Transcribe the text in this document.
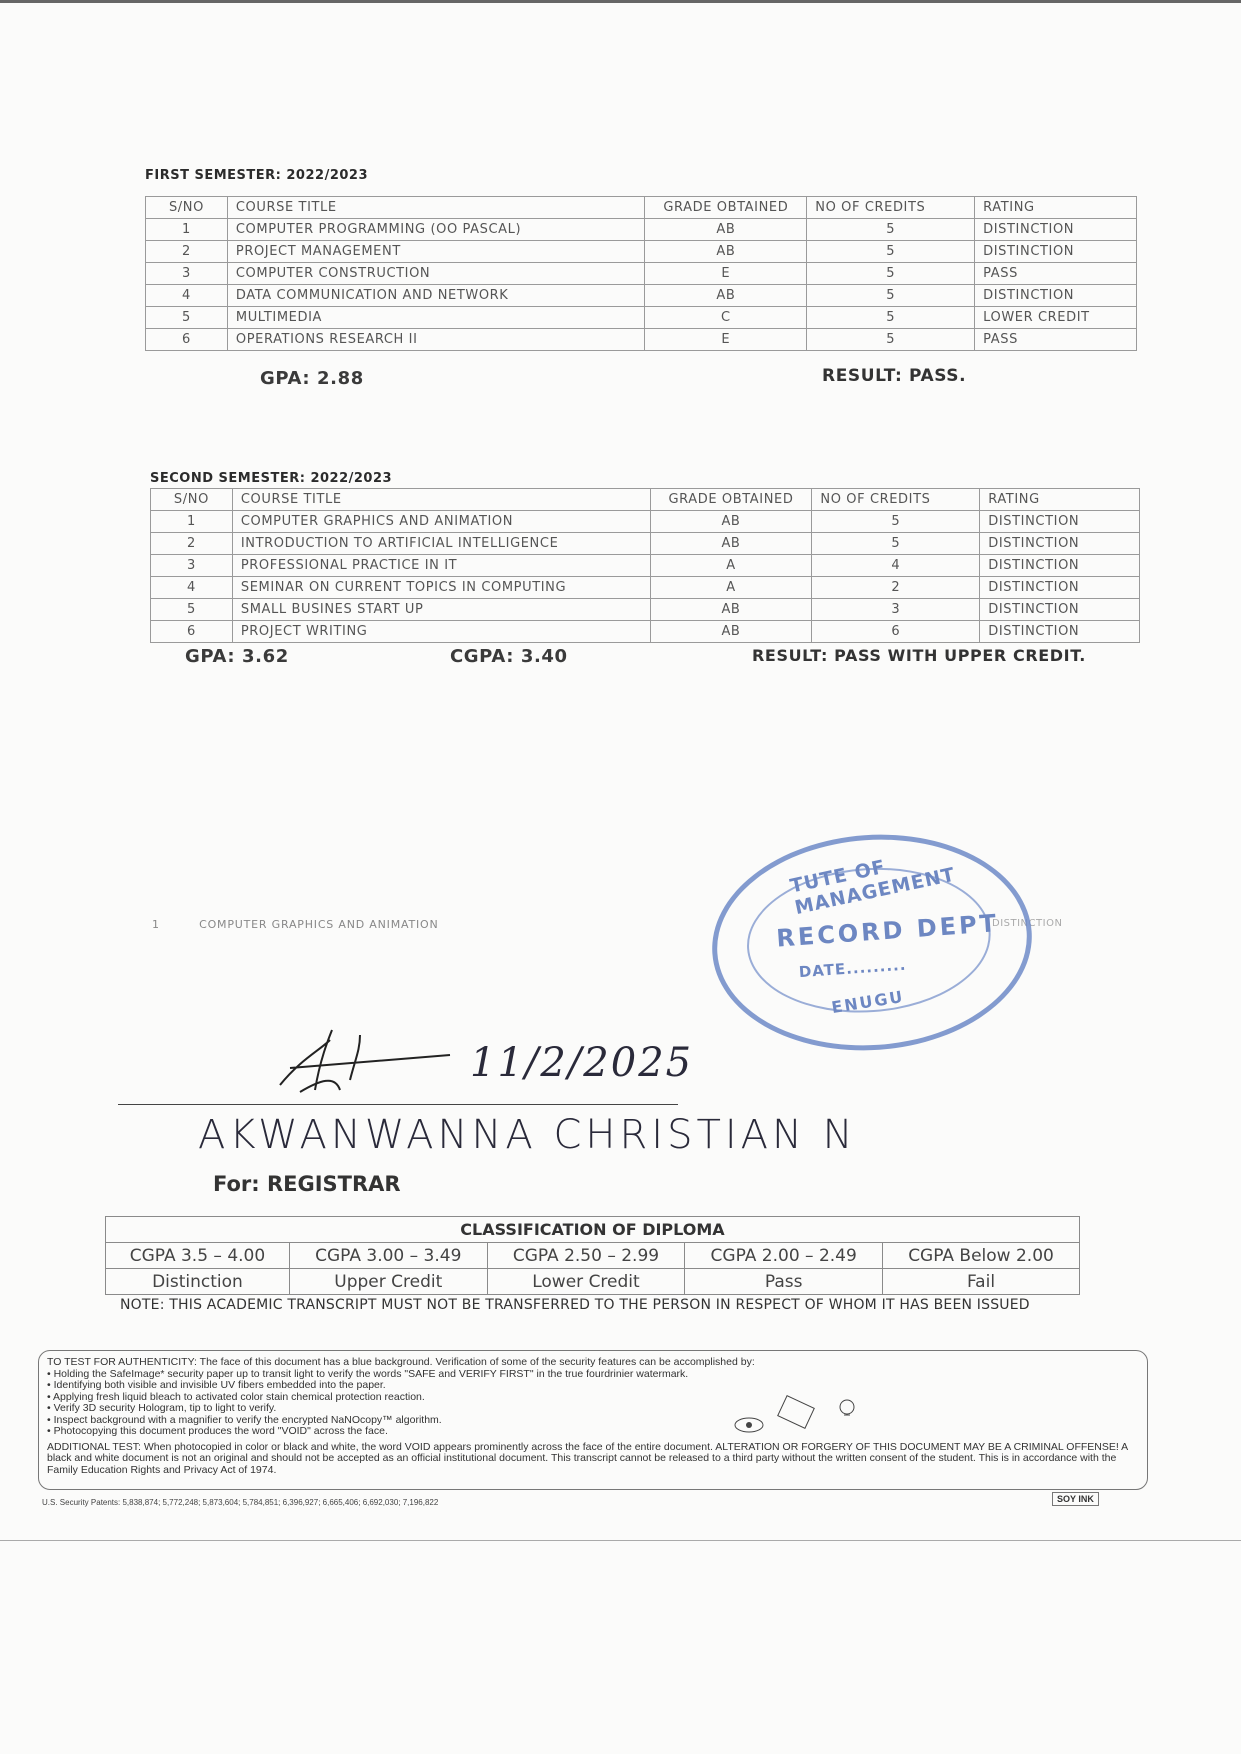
FIRST SEMESTER: 2022/2023
S/NO	COURSE TITLE	GRADE OBTAINED	NO OF CREDITS	RATING
1	COMPUTER PROGRAMMING (OO PASCAL)	AB	5	DISTINCTION
2	PROJECT MANAGEMENT	AB	5	DISTINCTION
3	COMPUTER CONSTRUCTION	E	5	PASS
4	DATA COMMUNICATION AND NETWORK	AB	5	DISTINCTION
5	MULTIMEDIA	C	5	LOWER CREDIT
6	OPERATIONS RESEARCH II	E	5	PASS
GPA: 2.88	RESULT: PASS.
SECOND SEMESTER: 2022/2023
S/NO	COURSE TITLE	GRADE OBTAINED	NO OF CREDITS	RATING
1	COMPUTER GRAPHICS AND ANIMATION	AB	5	DISTINCTION
2	INTRODUCTION TO ARTIFICIAL INTELLIGENCE	AB	5	DISTINCTION
3	PROFESSIONAL PRACTICE IN IT	A	4	DISTINCTION
4	SEMINAR ON CURRENT TOPICS IN COMPUTING	A	2	DISTINCTION
5	SMALL BUSINES START UP	AB	3	DISTINCTION
6	PROJECT WRITING	AB	6	DISTINCTION
GPA: 3.62	CGPA: 3.40	RESULT: PASS WITH UPPER CREDIT.
1	COMPUTER GRAPHICS AND ANIMATION	DISTINCTION
TUTE OF MANAGEMENT
RECORD DEPT
DATE.........
ENUGU
11/2/2025
AKWANWANNA CHRISTIAN N
For: REGISTRAR
CLASSIFICATION OF DIPLOMA				
CGPA 3.5 – 4.00	CGPA 3.00 – 3.49	CGPA 2.50 – 2.99	CGPA 2.00 – 2.49	CGPA Below 2.00
Distinction	Upper Credit	Lower Credit	Pass	Fail
NOTE: THIS ACADEMIC TRANSCRIPT MUST NOT BE TRANSFERRED TO THE PERSON IN RESPECT OF WHOM IT HAS BEEN ISSUED

TO TEST FOR AUTHENTICITY: The face of this document has a blue background. Verification of some of the security features can be accomplished by:

• Holding the SafeImage* security paper up to transit light to verify the words "SAFE and VERIFY FIRST" in the true fourdrinier watermark.

• Identifying both visible and invisible UV fibers embedded into the paper.

• Applying fresh liquid bleach to activated color stain chemical protection reaction.

• Verify 3D security Hologram, tip to light to verify.

• Inspect background with a magnifier to verify the encrypted NaNOcopy™ algorithm.

• Photocopying this document produces the word "VOID" across the face.

ADDITIONAL TEST: When photocopied in color or black and white, the word VOID appears prominently across the face of the entire document. ALTERATION OR FORGERY OF THIS DOCUMENT MAY BE A CRIMINAL OFFENSE! A black and white document is not an original and should not be accepted as an official institutional document. This transcript cannot be released to a third party without the written consent of the student. This is in accordance with the Family Education Rights and Privacy Act of 1974.

U.S. Security Patents: 5,838,874; 5,772,248; 5,873,604; 5,784,851; 6,396,927; 6,665,406; 6,692,030; 7,196,822	SOY INK
